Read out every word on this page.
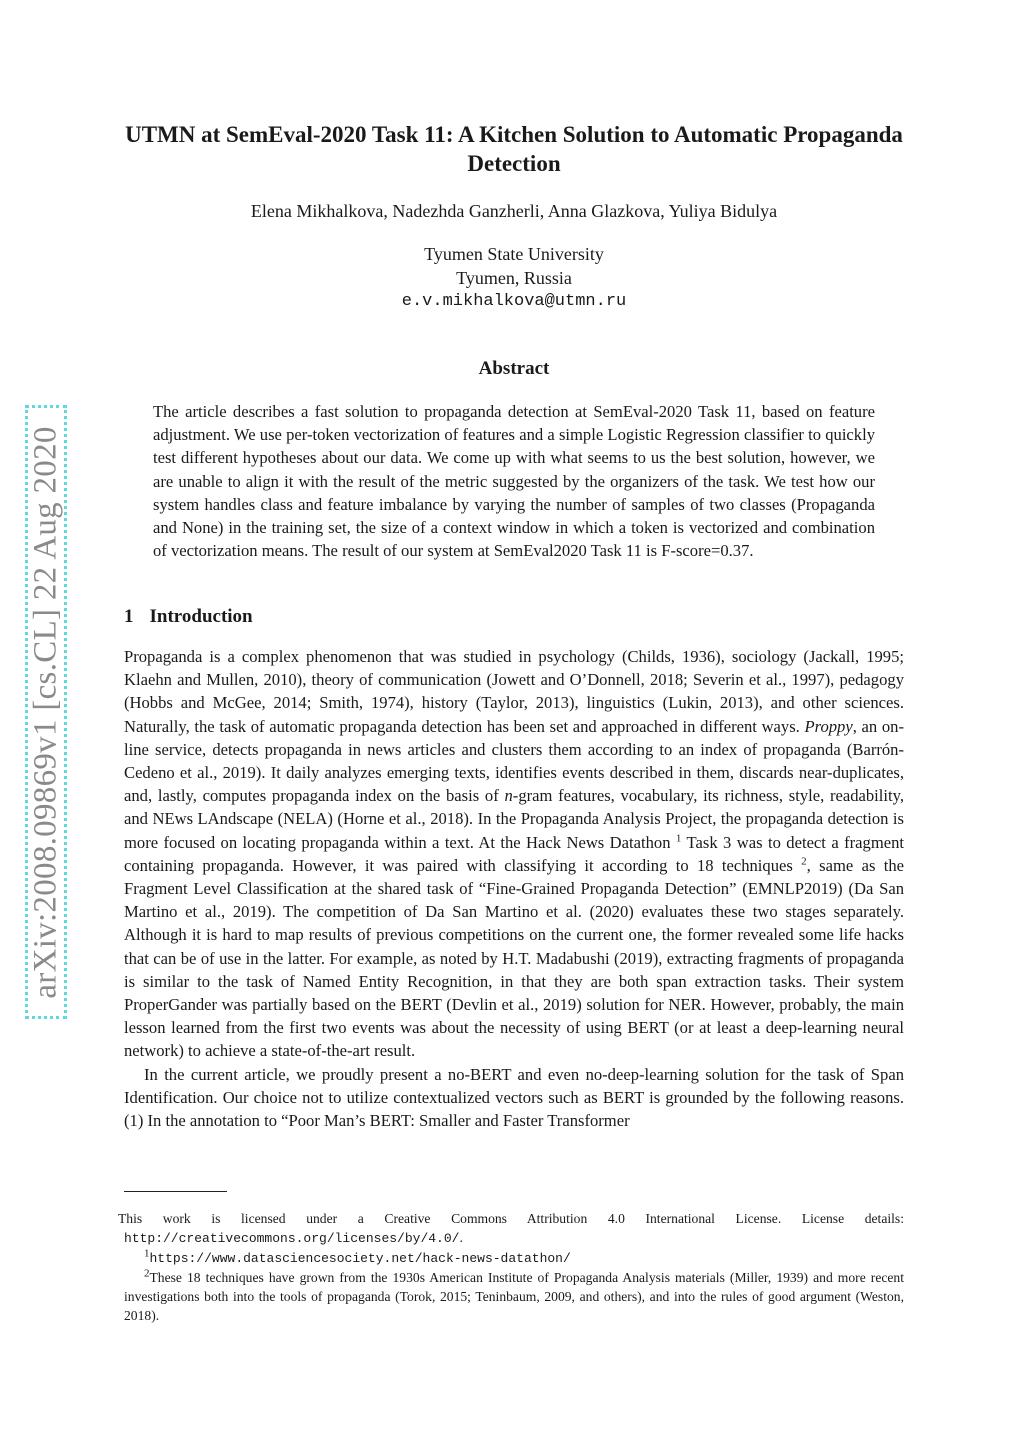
arXiv:2008.09869v1 [cs.CL] 22 Aug 2020
UTMN at SemEval-2020 Task 11: A Kitchen Solution to Automatic Propaganda Detection
Elena Mikhalkova, Nadezhda Ganzherli, Anna Glazkova, Yuliya Bidulya
Tyumen State University
Tyumen, Russia
e.v.mikhalkova@utmn.ru
Abstract
The article describes a fast solution to propaganda detection at SemEval-2020 Task 11, based on feature adjustment. We use per-token vectorization of features and a simple Logistic Regression classifier to quickly test different hypotheses about our data. We come up with what seems to us the best solution, however, we are unable to align it with the result of the metric suggested by the organizers of the task. We test how our system handles class and feature imbalance by varying the number of samples of two classes (Propaganda and None) in the training set, the size of a context window in which a token is vectorized and combination of vectorization means. The result of our system at SemEval2020 Task 11 is F-score=0.37.
1 Introduction

Propaganda is a complex phenomenon that was studied in psychology (Childs, 1936), sociology (Jackall, 1995; Klaehn and Mullen, 2010), theory of communication (Jowett and O’Donnell, 2018; Severin et al., 1997), pedagogy (Hobbs and McGee, 2014; Smith, 1974), history (Taylor, 2013), linguistics (Lukin, 2013), and other sciences. Naturally, the task of automatic propaganda detection has been set and approached in different ways. Proppy, an on-line service, detects propaganda in news articles and clusters them according to an index of propaganda (Barrón-Cedeno et al., 2019). It daily analyzes emerging texts, identifies events described in them, discards near-duplicates, and, lastly, computes propaganda index on the basis of n-gram features, vocabulary, its richness, style, readability, and NEws LAndscape (NELA) (Horne et al., 2018). In the Propaganda Analysis Project, the propaganda detection is more focused on locating propaganda within a text. At the Hack News Datathon $^1$ Task 3 was to detect a fragment containing propaganda. However, it was paired with classifying it according to 18 techniques $^2$, same as the Fragment Level Classification at the shared task of “Fine-Grained Propaganda Detection” (EMNLP2019) (Da San Martino et al., 2019). The competition of Da San Martino et al. (2020) evaluates these two stages separately. Although it is hard to map results of previous competitions on the current one, the former revealed some life hacks that can be of use in the latter. For example, as noted by H.T. Madabushi (2019), extracting fragments of propaganda is similar to the task of Named Entity Recognition, in that they are both span extraction tasks. Their system ProperGander was partially based on the BERT (Devlin et al., 2019) solution for NER. However, probably, the main lesson learned from the first two events was about the necessity of using BERT (or at least a deep-learning neural network) to achieve a state-of-the-art result.

In the current article, we proudly present a no-BERT and even no-deep-learning solution for the task of Span Identification. Our choice not to utilize contextualized vectors such as BERT is grounded by the following reasons. (1) In the annotation to “Poor Man’s BERT: Smaller and Faster Transformer

This work is licensed under a Creative Commons Attribution 4.0 International License. License details: http://creativecommons.org/licenses/by/4.0/.

$^1$https://www.datasciencesociety.net/hack-news-datathon/

$^2$These 18 techniques have grown from the 1930s American Institute of Propaganda Analysis materials (Miller, 1939) and more recent investigations both into the tools of propaganda (Torok, 2015; Teninbaum, 2009, and others), and into the rules of good argument (Weston, 2018).
